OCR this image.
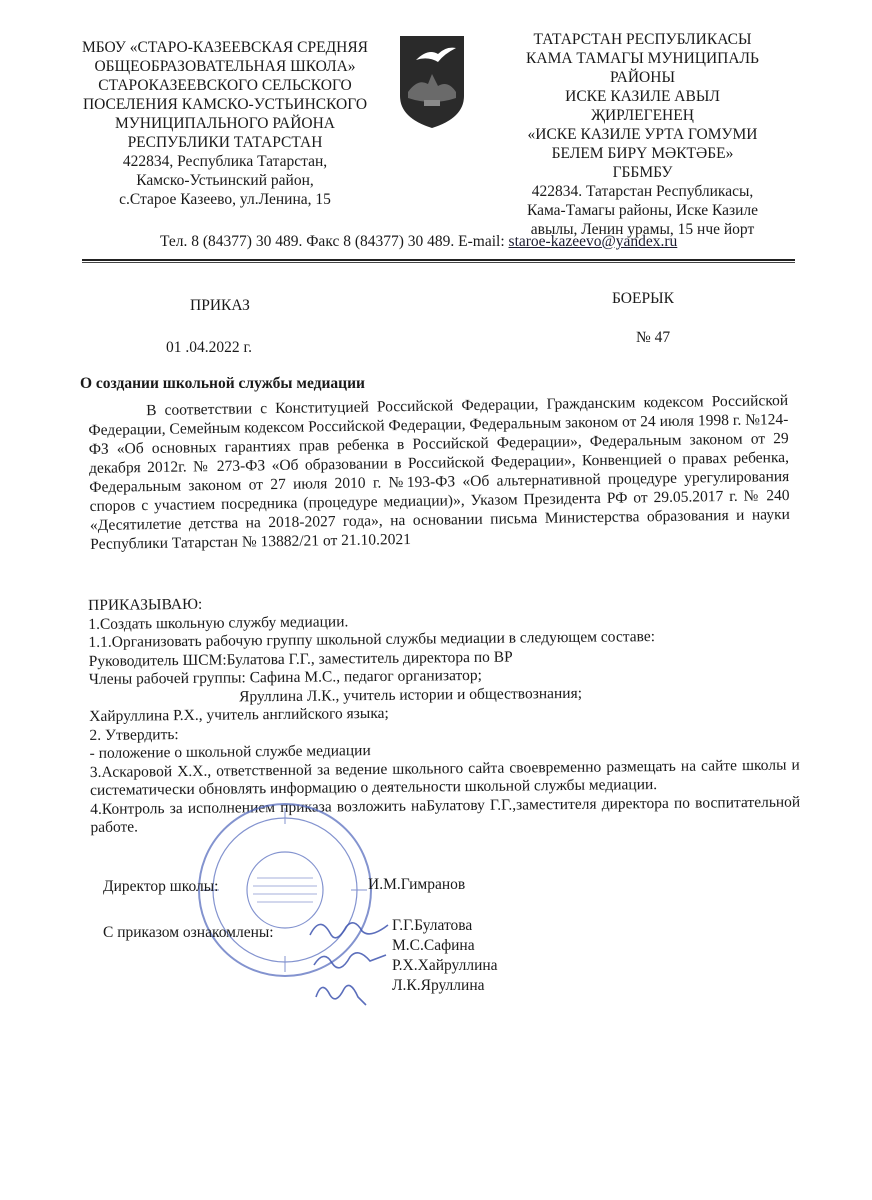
МБОУ «СТАРО-КАЗЕЕВСКАЯ СРЕДНЯЯ
ОБЩЕОБРАЗОВАТЕЛЬНАЯ ШКОЛА»
СТАРОКАЗЕЕВСКОГО СЕЛЬСКОГО
ПОСЕЛЕНИЯ КАМСКО-УСТЬИНСКОГО
МУНИЦИПАЛЬНОГО РАЙОНА
РЕСПУБЛИКИ ТАТАРСТАН
422834, Республика Татарстан,
Камско-Устьинский район,
с.Старое Казеево, ул.Ленина, 15
ТАТАРСТАН РЕСПУБЛИКАСЫ
КАМА ТАМАГЫ МУНИЦИПАЛЬ
РАЙОНЫ
ИСКЕ КАЗИЛЕ АВЫЛ
ҖИРЛЕГЕНЕҢ
«ИСКЕ КАЗИЛЕ УРТА ГОМУМИ
БЕЛЕМ БИРҮ МӘКТӘБЕ»
ГББМБУ
422834. Татарстан Республикасы,
Кама-Тамагы районы, Иске Казиле
авылы, Ленин урамы, 15 нче йорт
Тел. 8 (84377) 30 489. Факс 8 (84377) 30 489. E-mail: staroe-kazeevo@yandex.ru
ПРИКАЗ	БОЕРЫК
01 .04.2022 г.
№ 47
О создании школьной службы медиации

В соответствии с Конституцией Российской Федерации, Гражданским кодексом Российской Федерации, Семейным кодексом Российской Федерации, Федеральным законом от 24 июля 1998 г. №124-ФЗ «Об основных гарантиях прав ребенка в Российской Федерации», Федеральным законом от 29 декабря 2012г. № 273-ФЗ «Об образовании в Российской Федерации», Конвенцией о правах ребенка, Федеральным законом от 27 июля 2010 г. №193-ФЗ «Об альтернативной процедуре урегулирования споров с участием посредника (процедуре медиации)», Указом Президента РФ от 29.05.2017 г. № 240 «Десятилетие детства на 2018-2027 года», на основании письма Министерства образования и науки Республики Татарстан № 13882/21 от 21.10.2021

ПРИКАЗЫВАЮ:
1.Создать школьную службу медиации.
1.1.Организовать рабочую группу школьной службы медиации в следующем составе:
Руководитель ШСМ:Булатова Г.Г., заместитель директора по ВР
Члены рабочей группы: Сафина М.С., педагог организатор;
Яруллина Л.К., учитель истории и обществознания;
Хайруллина Р.Х., учитель английского языка;
2. Утвердить:
- положение о школьной службе медиации
3.Аскаровой Х.Х., ответственной за ведение школьного сайта своевременно размещать на сайте школы и систематически обновлять информацию о деятельности школьной службы медиации.
4.Контроль за исполнением приказа возложить наБулатову Г.Г.,заместителя директора по воспитательной работе.
Директор школы:	И.М.Гимранов
С приказом ознакомлены:	Г.Г.Булатова
М.С.Сафина
Р.Х.Хайруллина
Л.К.Яруллина
